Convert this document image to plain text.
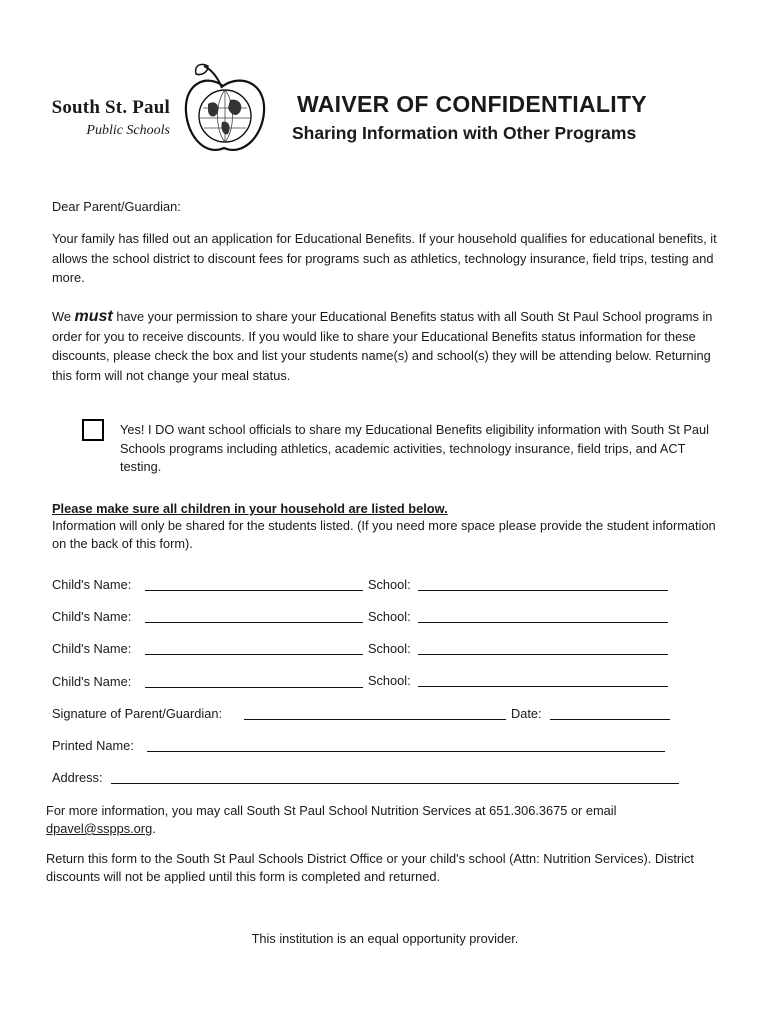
South St. Paul
Public Schools
WAIVER OF CONFIDENTIALITY
Sharing Information with Other Programs
Dear Parent/Guardian:
Your family has filled out an application for Educational Benefits. If your household qualifies for educational benefits, it allows the school district to discount fees for programs such as athletics, technology insurance, field trips, testing and more.
We must have your permission to share your Educational Benefits status with all South St Paul School programs in order for you to receive discounts. If you would like to share your Educational Benefits status information for these discounts, please check the box and list your students name(s) and school(s) they will be attending below. Returning this form will not change your meal status.
Yes! I DO want school officials to share my Educational Benefits eligibility information with South St Paul Schools programs including athletics, academic activities, technology insurance, field trips, and ACT testing.
Please make sure all children in your household are listed below.
Information will only be shared for the students listed. (If you need more space please provide the student information on the back of this form).
Child's Name:	School:
Child's Name:	School:
Child's Name:	School:
Child's Name:	School:
Signature of Parent/Guardian:	Date:
Printed Name:
Address:
For more information, you may call South St Paul School Nutrition Services at 651.306.3675 or email
dpavel@sspps.org.
Return this form to the South St Paul Schools District Office or your child's school (Attn: Nutrition Services). District discounts will not be applied until this form is completed and returned.
This institution is an equal opportunity provider.
